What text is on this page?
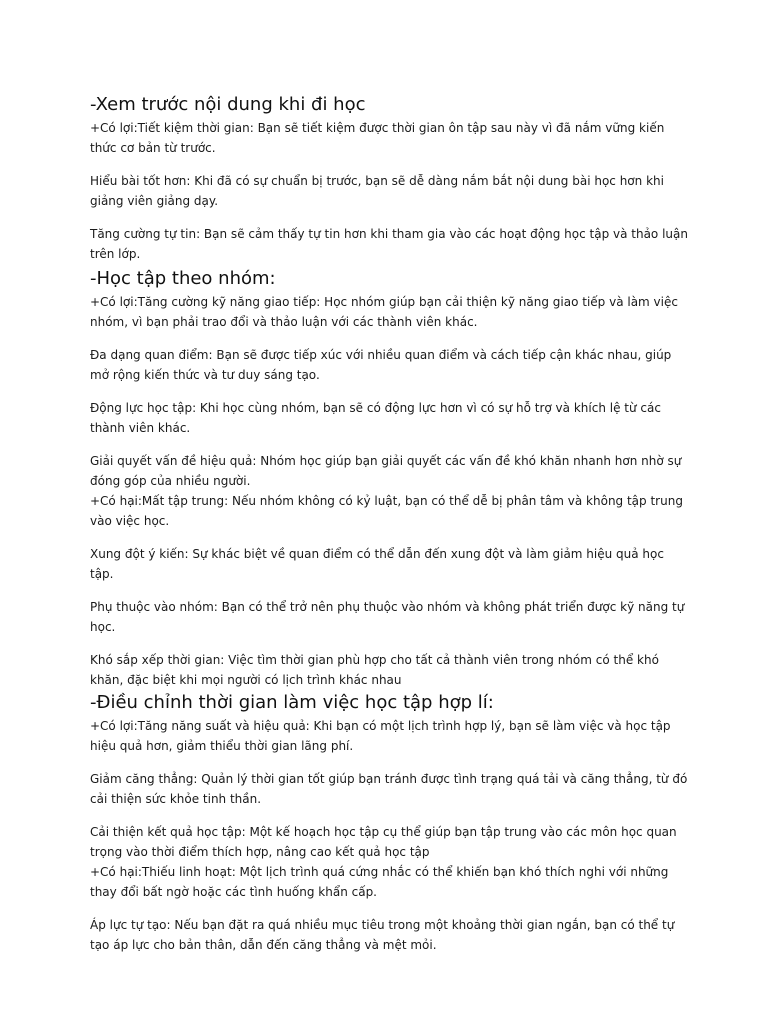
-Xem trước nội dung khi đi học

+Có lợi:Tiết kiệm thời gian: Bạn sẽ tiết kiệm được thời gian ôn tập sau này vì đã nắm vững kiến thức cơ bản từ trước.

Hiểu bài tốt hơn: Khi đã có sự chuẩn bị trước, bạn sẽ dễ dàng nắm bắt nội dung bài học hơn khi giảng viên giảng dạy.

Tăng cường tự tin: Bạn sẽ cảm thấy tự tin hơn khi tham gia vào các hoạt động học tập và thảo luận trên lớp.

-Học tập theo nhóm:

+Có lợi:Tăng cường kỹ năng giao tiếp: Học nhóm giúp bạn cải thiện kỹ năng giao tiếp và làm việc nhóm, vì bạn phải trao đổi và thảo luận với các thành viên khác.

Đa dạng quan điểm: Bạn sẽ được tiếp xúc với nhiều quan điểm và cách tiếp cận khác nhau, giúp mở rộng kiến thức và tư duy sáng tạo.

Động lực học tập: Khi học cùng nhóm, bạn sẽ có động lực hơn vì có sự hỗ trợ và khích lệ từ các thành viên khác.

Giải quyết vấn đề hiệu quả: Nhóm học giúp bạn giải quyết các vấn đề khó khăn nhanh hơn nhờ sự đóng góp của nhiều người.

+Có hại:Mất tập trung: Nếu nhóm không có kỷ luật, bạn có thể dễ bị phân tâm và không tập trung vào việc học.

Xung đột ý kiến: Sự khác biệt về quan điểm có thể dẫn đến xung đột và làm giảm hiệu quả học tập.

Phụ thuộc vào nhóm: Bạn có thể trở nên phụ thuộc vào nhóm và không phát triển được kỹ năng tự học.

Khó sắp xếp thời gian: Việc tìm thời gian phù hợp cho tất cả thành viên trong nhóm có thể khó khăn, đặc biệt khi mọi người có lịch trình khác nhau

-Điều chỉnh thời gian làm việc học tập hợp lí:

+Có lợi:Tăng năng suất và hiệu quả: Khi bạn có một lịch trình hợp lý, bạn sẽ làm việc và học tập hiệu quả hơn, giảm thiểu thời gian lãng phí.

Giảm căng thẳng: Quản lý thời gian tốt giúp bạn tránh được tình trạng quá tải và căng thẳng, từ đó cải thiện sức khỏe tinh thần.

Cải thiện kết quả học tập: Một kế hoạch học tập cụ thể giúp bạn tập trung vào các môn học quan trọng vào thời điểm thích hợp, nâng cao kết quả học tập

+Có hại:Thiếu linh hoạt: Một lịch trình quá cứng nhắc có thể khiến bạn khó thích nghi với những thay đổi bất ngờ hoặc các tình huống khẩn cấp.

Áp lực tự tạo: Nếu bạn đặt ra quá nhiều mục tiêu trong một khoảng thời gian ngắn, bạn có thể tự tạo áp lực cho bản thân, dẫn đến căng thẳng và mệt mỏi.
